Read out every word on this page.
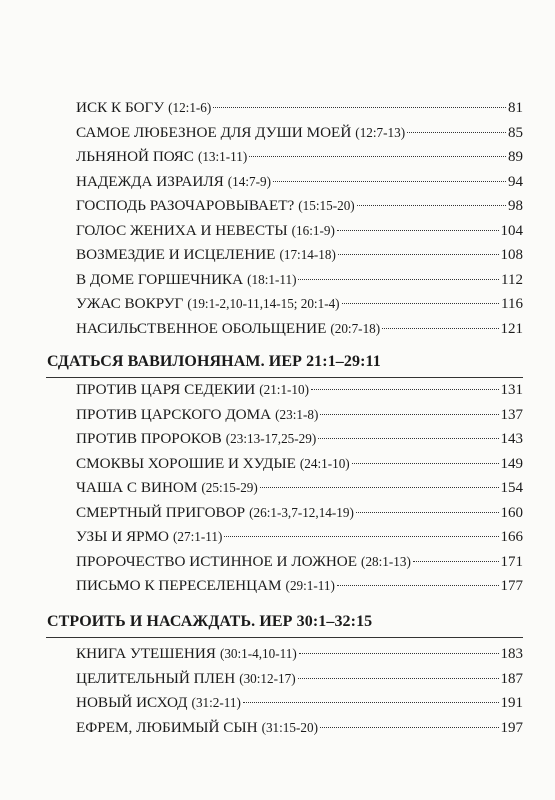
ИСК К БОГУ (12:1-6)	81
САМОЕ ЛЮБЕЗНОЕ ДЛЯ ДУШИ МОЕЙ (12:7-13)	85
ЛЬНЯНОЙ ПОЯС (13:1-11)	89
НАДЕЖДА ИЗРАИЛЯ (14:7-9)	94
ГОСПОДЬ РАЗОЧАРОВЫВАЕТ? (15:15-20)	98
ГОЛОС ЖЕНИХА И НЕВЕСТЫ (16:1-9)	104
ВОЗМЕЗДИЕ И ИСЦЕЛЕНИЕ (17:14-18)	108
В ДОМЕ ГОРШЕЧНИКА (18:1-11)	112
УЖАС ВОКРУГ (19:1-2,10-11,14-15; 20:1-4)	116
НАСИЛЬСТВЕННОЕ ОБОЛЬЩЕНИЕ (20:7-18)	121
СДАТЬСЯ ВАВИЛОНЯНАМ. ИЕР 21:1–29:11
ПРОТИВ ЦАРЯ СЕДЕКИИ (21:1-10)	131
ПРОТИВ ЦАРСКОГО ДОМА (23:1-8)	137
ПРОТИВ ПРОРОКОВ (23:13-17,25-29)	143
СМОКВЫ ХОРОШИЕ И ХУДЫЕ (24:1-10)	149
ЧАША С ВИНОМ (25:15-29)	154
СМЕРТНЫЙ ПРИГОВОР (26:1-3,7-12,14-19)	160
УЗЫ И ЯРМО (27:1-11)	166
ПРОРОЧЕСТВО ИСТИННОЕ И ЛОЖНОЕ (28:1-13)	171
ПИСЬМО К ПЕРЕСЕЛЕНЦАМ (29:1-11)	177
СТРОИТЬ И НАСАЖДАТЬ. ИЕР 30:1–32:15
КНИГА УТЕШЕНИЯ (30:1-4,10-11)	183
ЦЕЛИТЕЛЬНЫЙ ПЛЕН (30:12-17)	187
НОВЫЙ ИСХОД (31:2-11)	191
ЕФРЕМ, ЛЮБИМЫЙ СЫН (31:15-20)	197
